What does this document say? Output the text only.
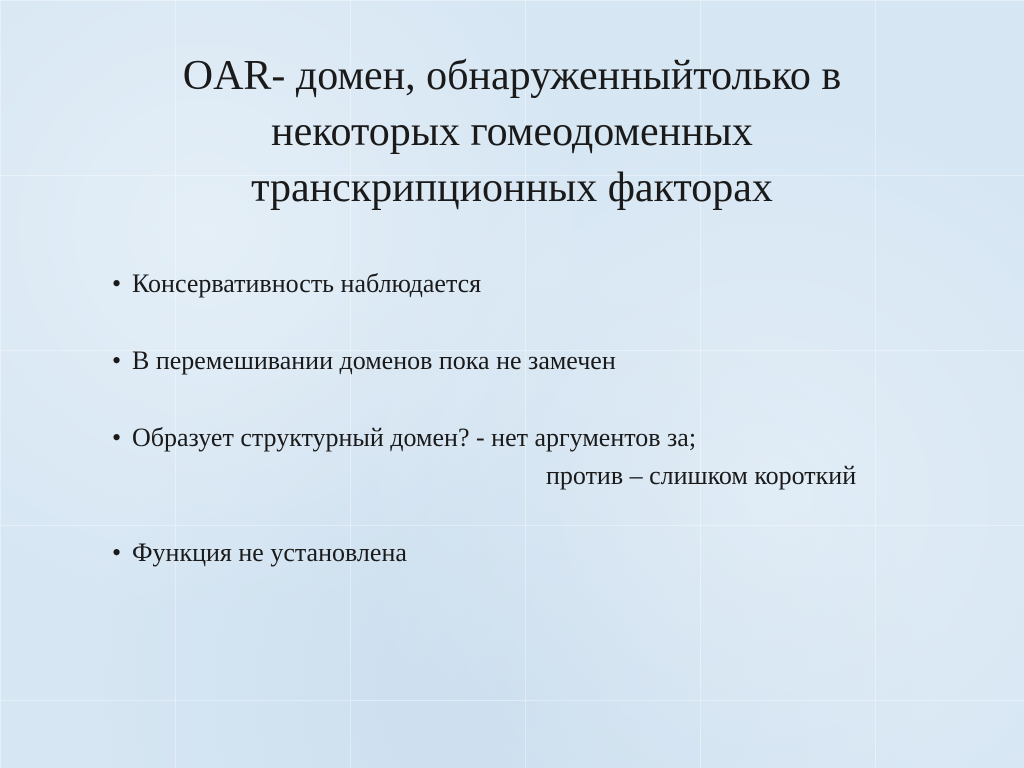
OAR- домен, обнаруженныйтолько в
некоторых гомеодоменных
транскрипционных факторах
• Консервативность наблюдается
• В перемешивании доменов пока не замечен
• Образует структурный домен? - нет аргументов за;
против – слишком короткий
• Функция не установлена
